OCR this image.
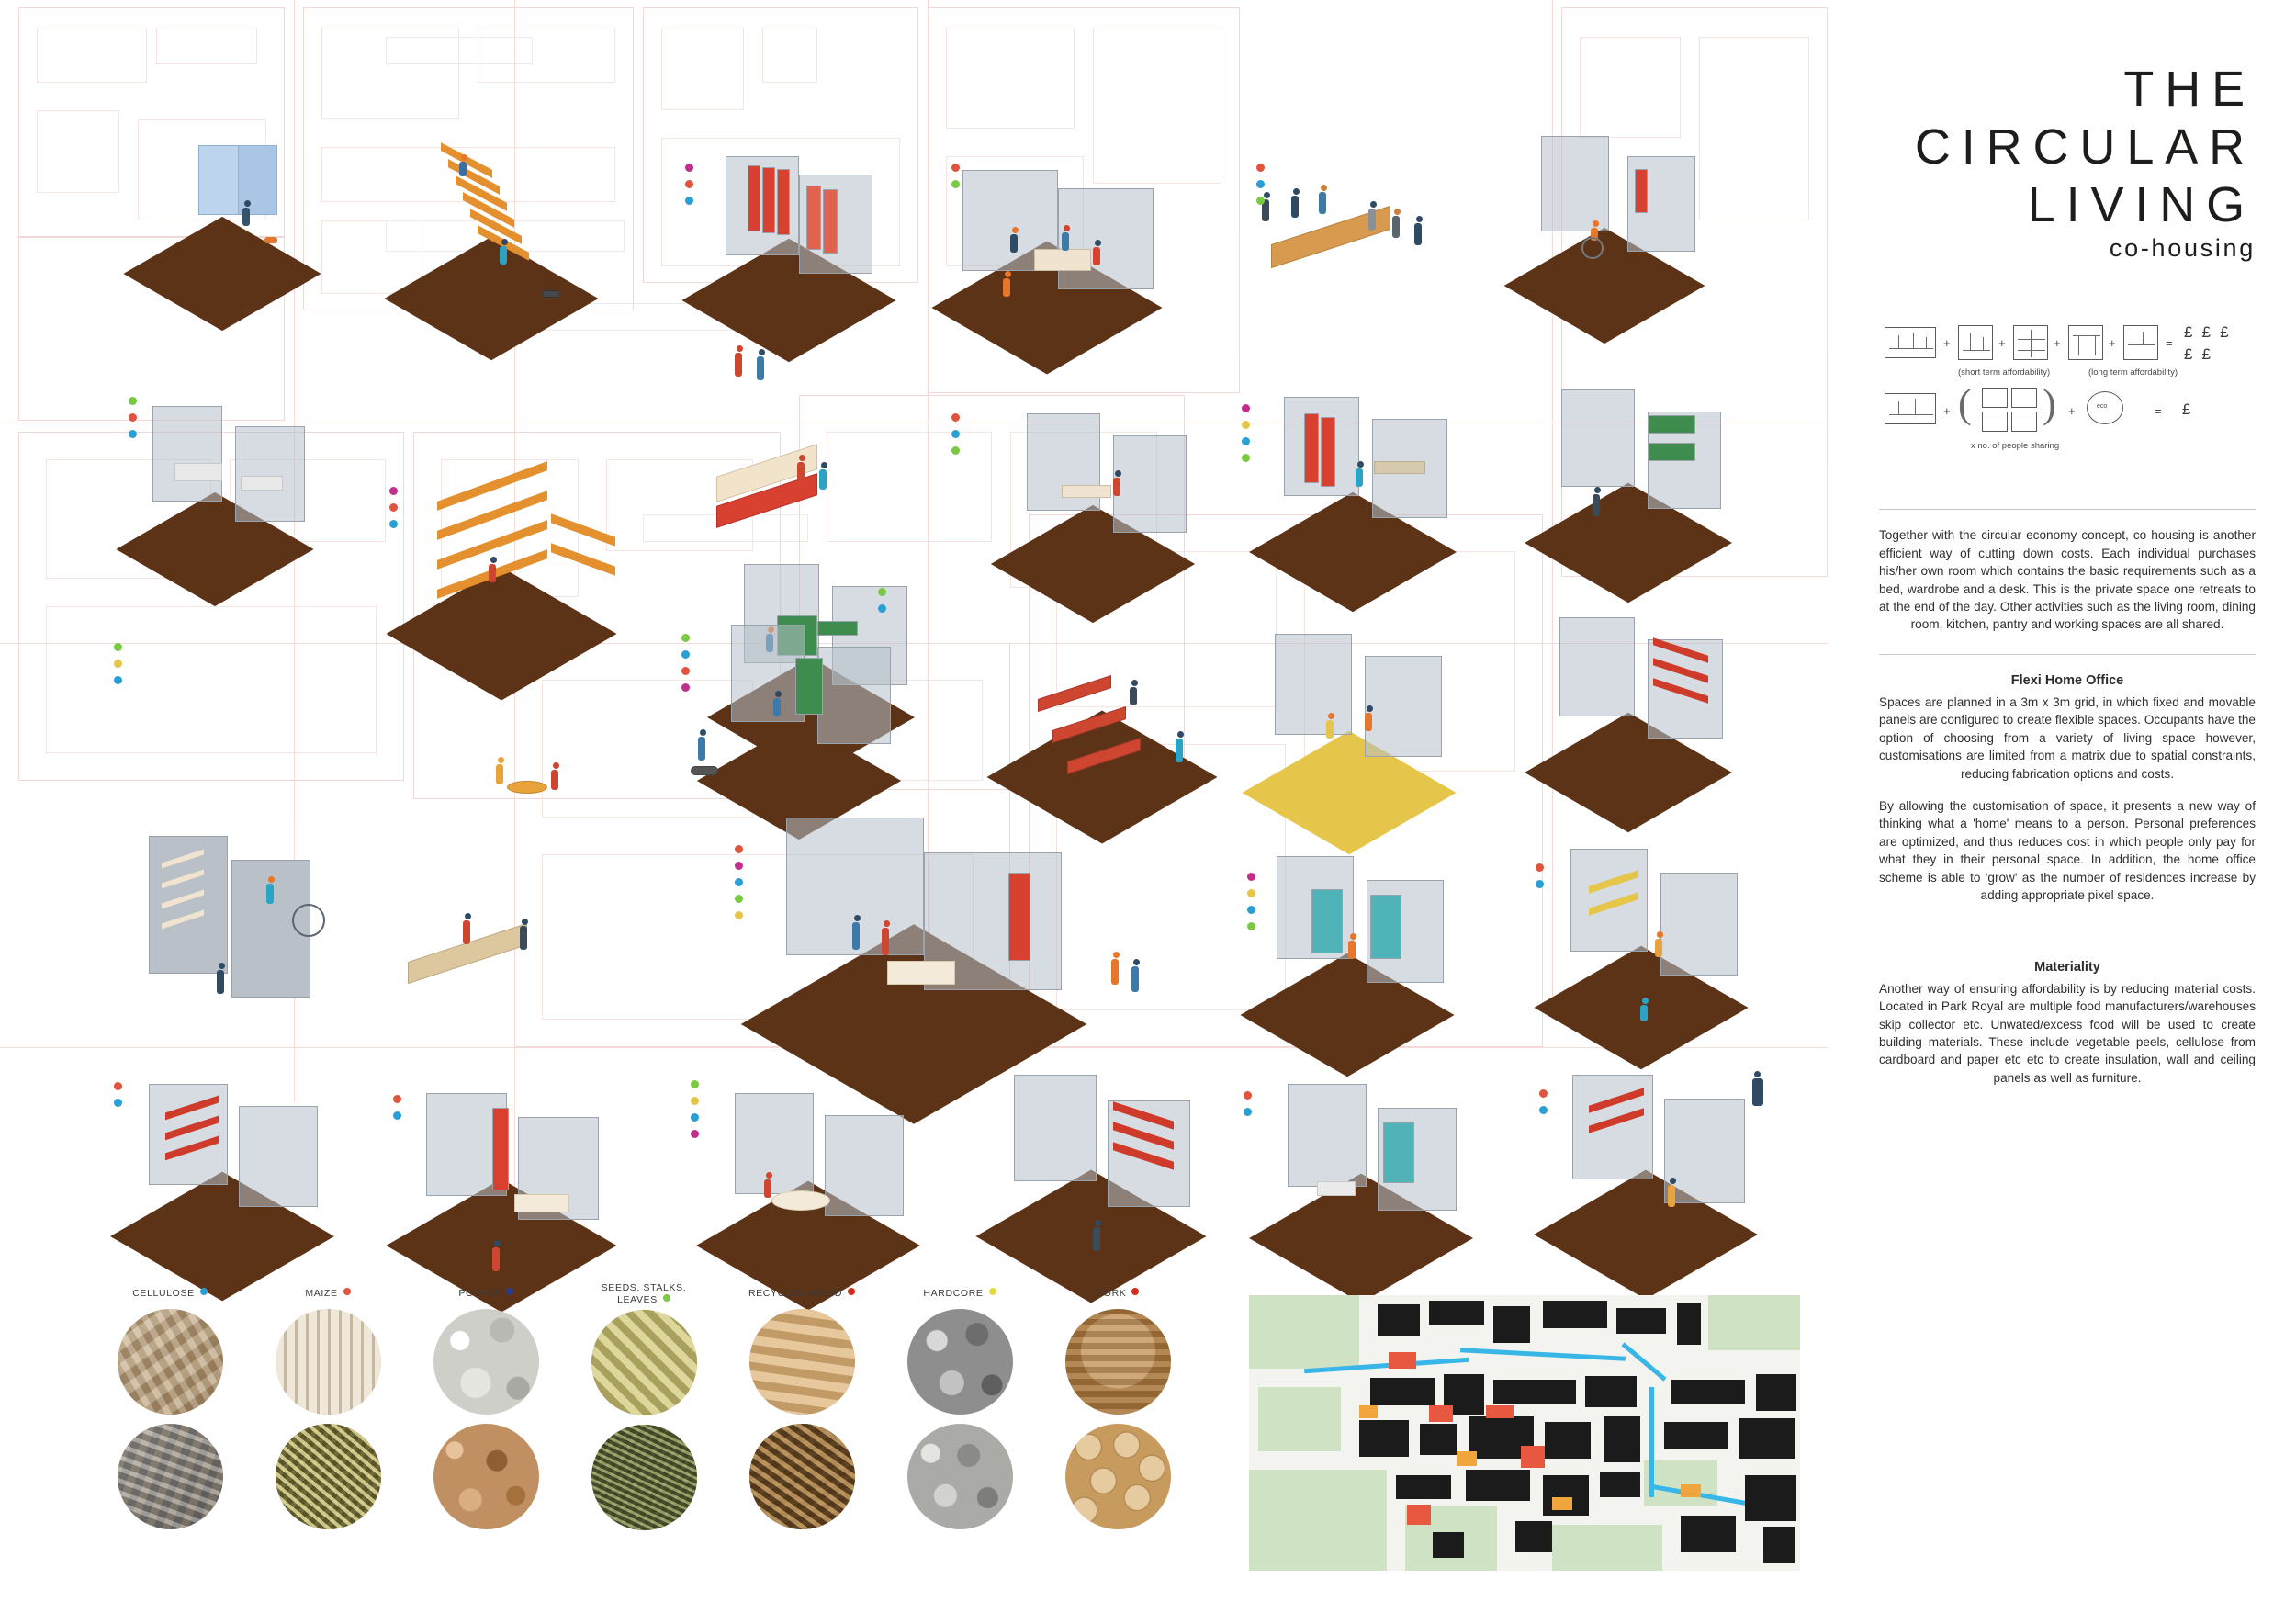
CELLULOSE	MAIZE	POTATO	SEEDS, STALKS,
LEAVES
RECYCLED WOOD	HARDCORE	CORK
THE
CIRCULAR
LIVING
co-housing
+	+	+	+	=
£ £ £
£ £
(short term affordability)	(long term affordability)
+ ( ) +	eco	= £
x no. of people sharing
Together with the circular economy concept, co housing is another efficient way of cutting down costs. Each individual purchases his/her own room which contains the basic requirements such as a bed, wardrobe and a desk. This is the private space one retreats to at the end of the day. Other activities such as the living room, dining room, kitchen, pantry and working spaces are all shared.
Flexi Home Office
Spaces are planned in a 3m x 3m grid, in which fixed and movable panels are configured to create flexible spaces. Occupants have the option of choosing from a variety of living space however, customisations are limited from a matrix due to spatial constraints, reducing fabrication options and costs.
By allowing the customisation of space, it presents a new way of thinking what a 'home' means to a person. Personal preferences are optimized, and thus reduces cost in which people only pay for what they in their personal space. In addition, the home office scheme is able to 'grow' as the number of residences increase by adding appropriate pixel space.
Materiality
Another way of ensuring affordability is by reducing material costs. Located in Park Royal are multiple food manufacturers/warehouses skip collector etc. Unwated/excess food will be used to create building materials. These include vegetable peels, cellulose from cardboard and paper etc etc to create insulation, wall and ceiling panels as well as furniture.
